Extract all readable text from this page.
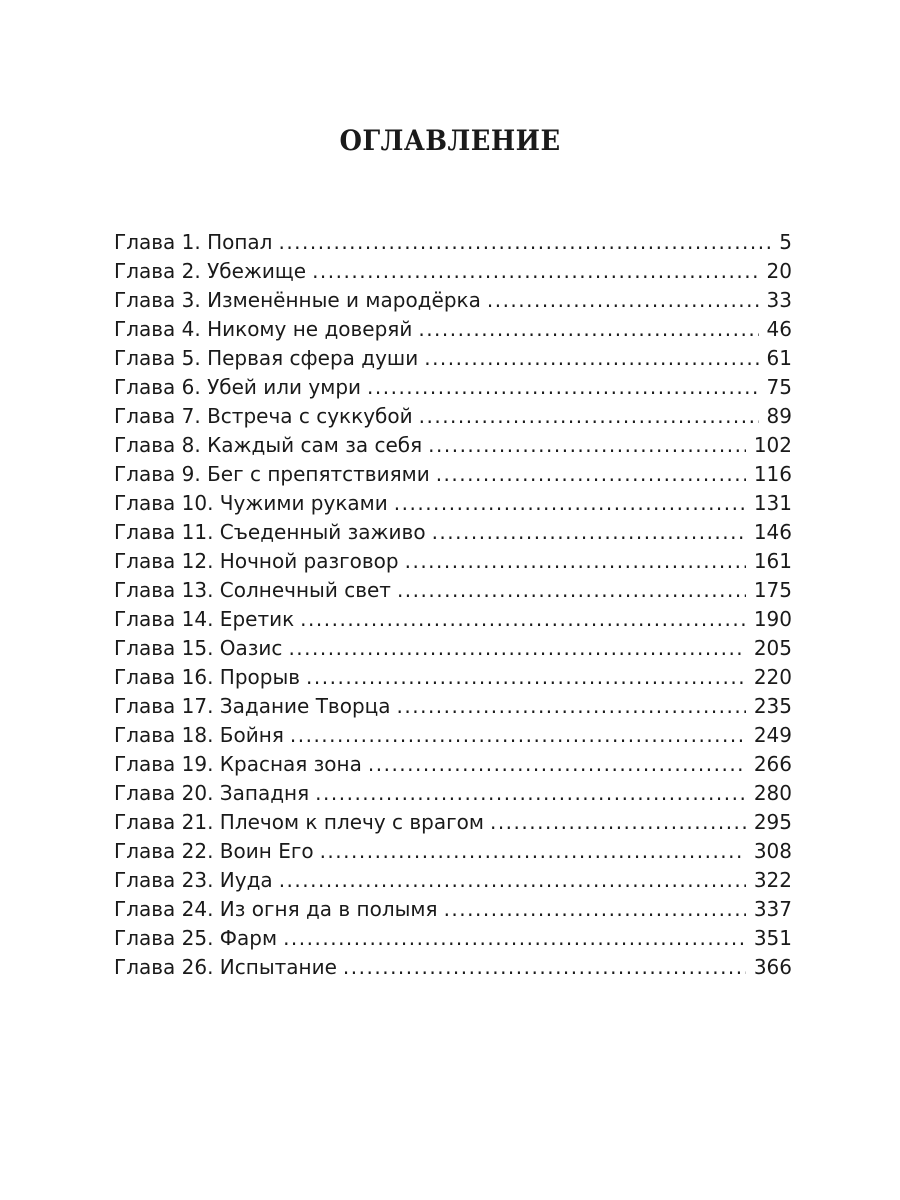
ОГЛАВЛЕНИЕ
Глава 1. Попал .....	5
Глава 2. Убежище .....	20
Глава 3. Изменённые и мародёрка .....	33
Глава 4. Никому не доверяй .....	46
Глава 5. Первая сфера души .....	61
Глава 6. Убей или умри .....	75
Глава 7. Встреча с суккубой .....	89
Глава 8. Каждый сам за себя .....	102
Глава 9. Бег с препятствиями .....	116
Глава 10. Чужими руками .....	131
Глава 11. Съеденный заживо .....	146
Глава 12. Ночной разговор .....	161
Глава 13. Солнечный свет .....	175
Глава 14. Еретик .....	190
Глава 15. Оазис .....	205
Глава 16. Прорыв .....	220
Глава 17. Задание Творца .....	235
Глава 18. Бойня .....	249
Глава 19. Красная зона .....	266
Глава 20. Западня .....	280
Глава 21. Плечом к плечу с врагом .....	295
Глава 22. Воин Его .....	308
Глава 23. Иуда .....	322
Глава 24. Из огня да в полымя .....	337
Глава 25. Фарм .....	351
Глава 26. Испытание .....	366
